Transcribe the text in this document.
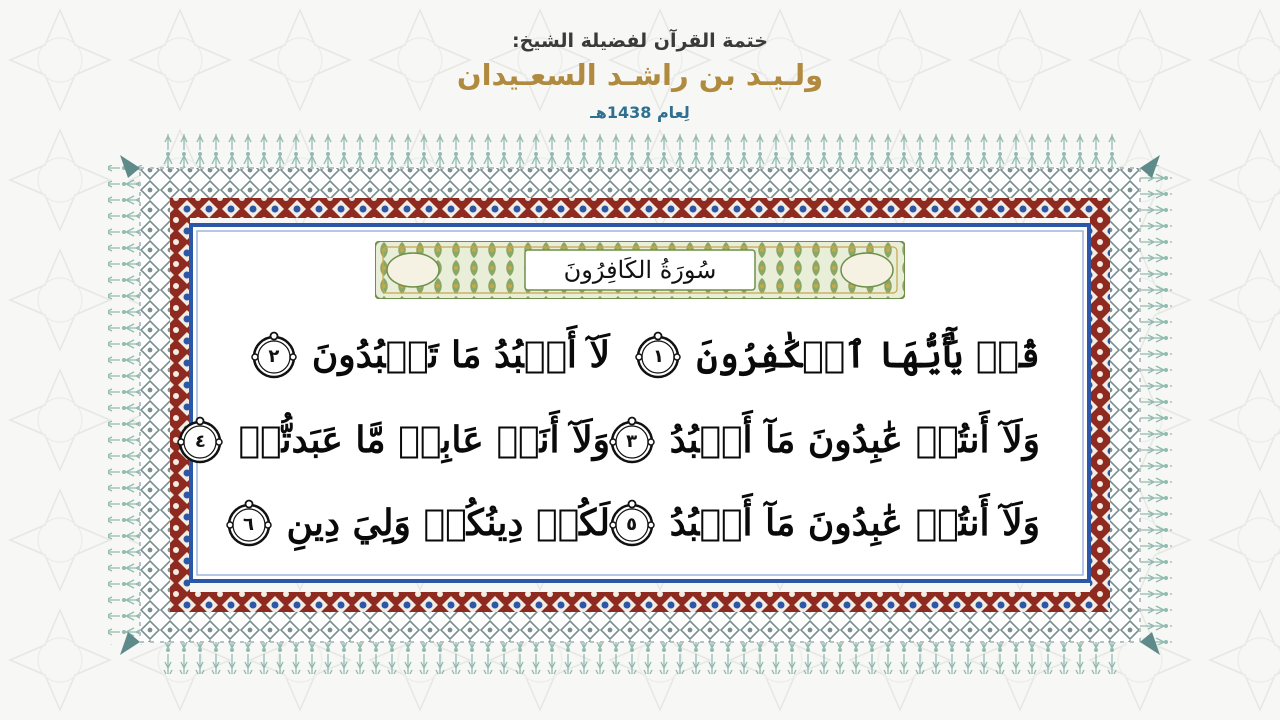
ختمة القرآن لفضيلة الشيخ:
ولـيـد بن راشـد السعـيدان
لِعام 1438هـ
سُورَةُ الكَافِرُونَ
قُلۡ يَٰٓأَيُّهَا ٱلۡكَٰفِرُونَ
١
لَآ أَعۡبُدُ مَا تَعۡبُدُونَ
٢
وَلَآ أَنتُمۡ عَٰبِدُونَ مَآ أَعۡبُدُ
٣
وَلَآ أَنَا۠ عَابِدٞ مَّا عَبَدتُّمۡ
٤
وَلَآ أَنتُمۡ عَٰبِدُونَ مَآ أَعۡبُدُ
٥
لَكُمۡ دِينُكُمۡ وَلِيَ دِينِ
٦
